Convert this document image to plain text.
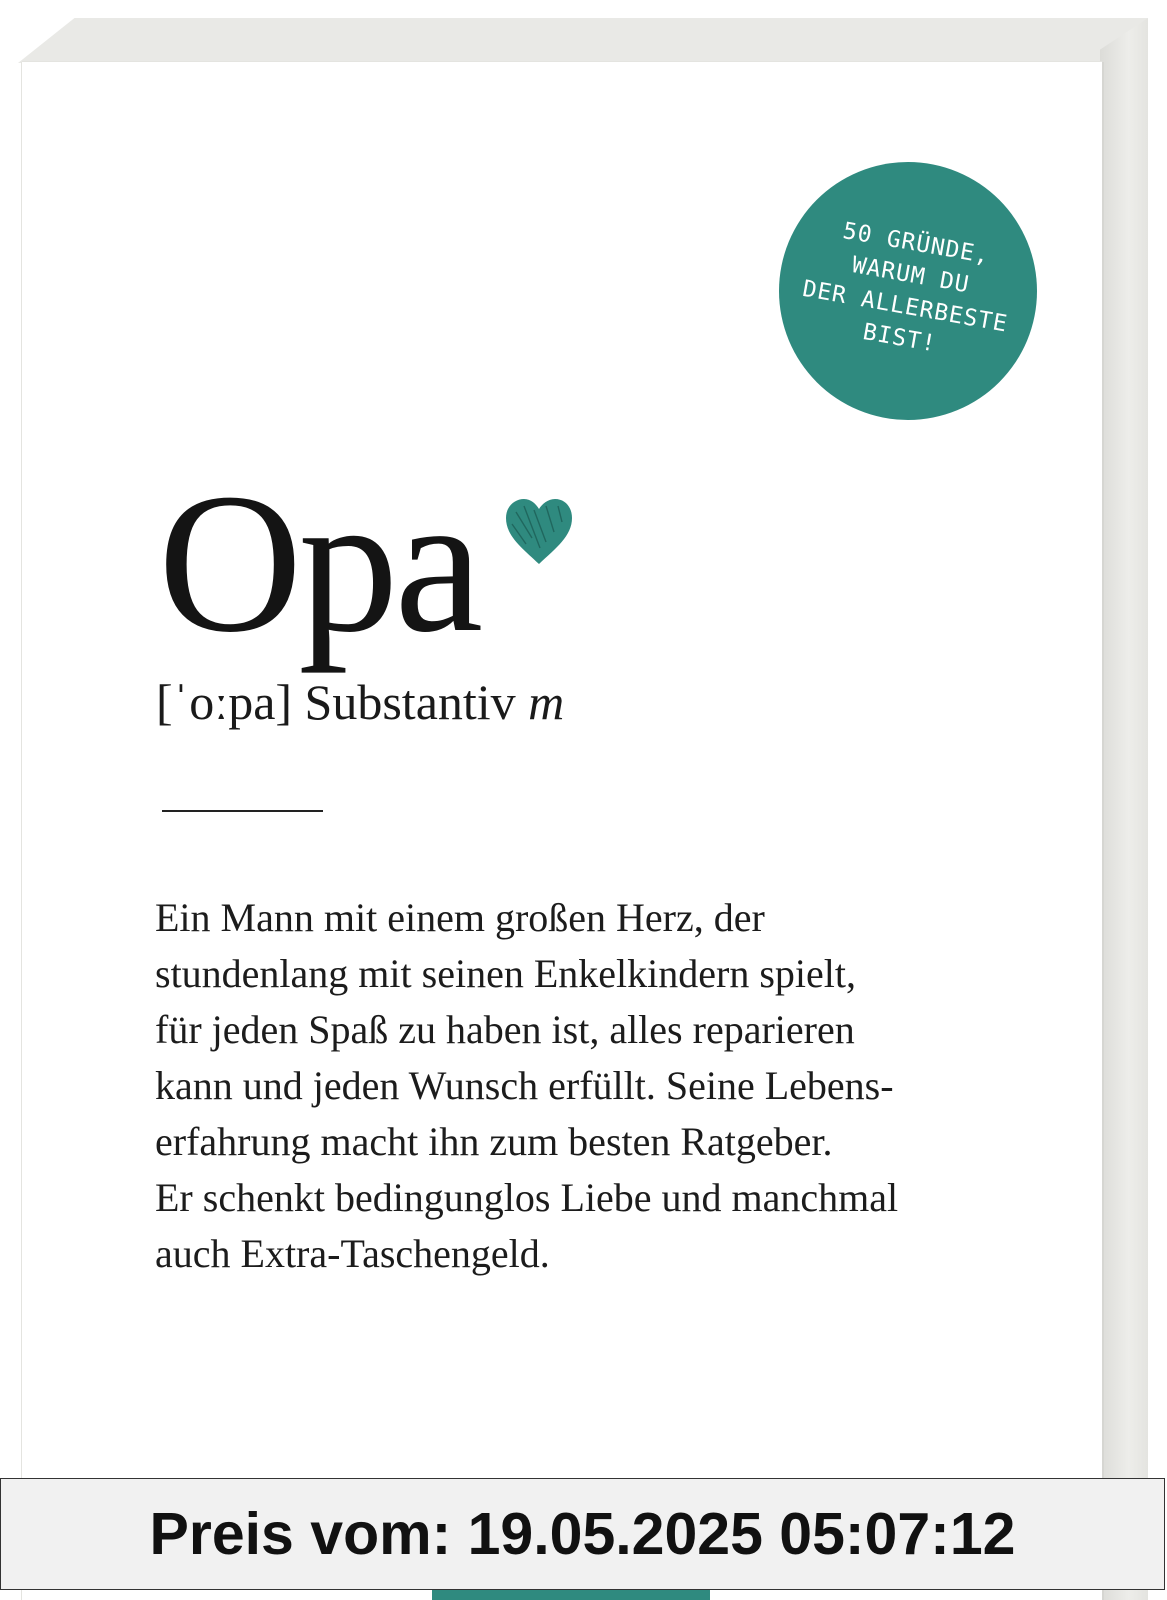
50 GRÜNDE,
WARUM DU
DER ALLERBESTE
BIST!
Opa
[ˈoːpa] Substantiv m
Ein Mann mit einem großen Herz, der
stundenlang mit seinen Enkelkindern spielt,
für jeden Spaß zu haben ist, alles reparieren
kann und jeden Wunsch erfüllt. Seine Lebens-
erfahrung macht ihn zum besten Ratgeber.
Er schenkt bedingunglos Liebe und manchmal
auch Extra-Taschengeld.
Preis vom: 19.05.2025 05:07:12
